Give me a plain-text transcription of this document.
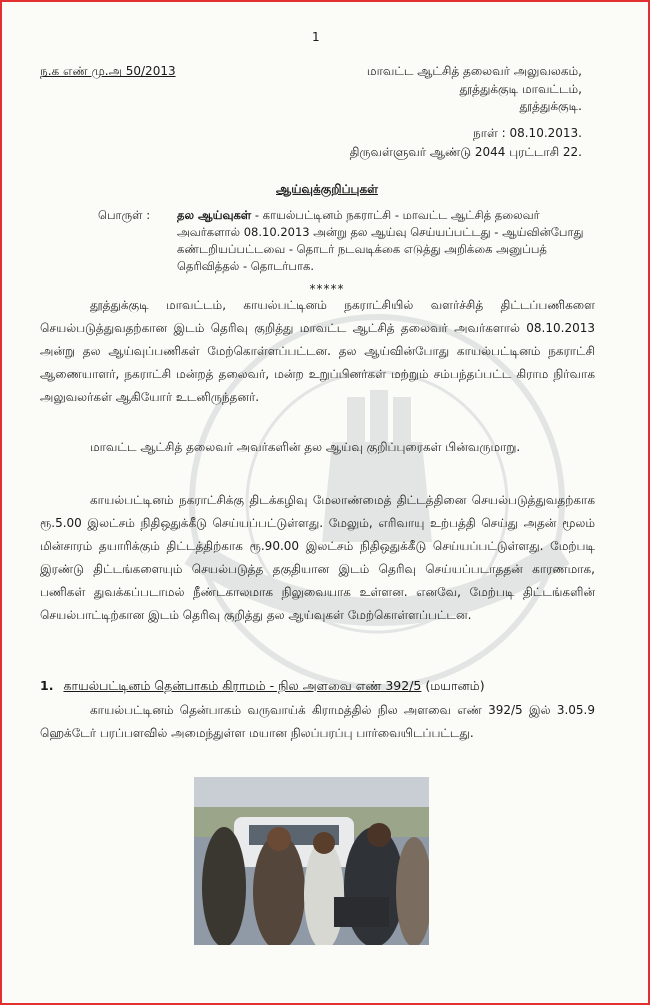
1
ந.க எண் மு.அ 50/2013	மாவட்ட ஆட்சித் தலைவர் அலுவலகம்,
தூத்துக்குடி மாவட்டம்,
தூத்துக்குடி.
நாள் : 08.10.2013.
திருவள்ளுவர் ஆண்டு 2044 புரட்டாசி 22.
ஆய்வுக்குறிப்புகள்
பொருள் : தல ஆய்வுகள் - காயல்பட்டினம் நகராட்சி - மாவட்ட ஆட்சித் தலைவர் அவர்களால் 08.10.2013 அன்று தல ஆய்வு செய்யப்பட்டது - ஆய்வின்போது கண்டறியப்பட்டவை - தொடர் நடவடிக்கை எடுத்து அறிக்கை அனுப்பத் தெரிவித்தல் - தொடர்பாக.
*****
தூத்துக்குடி மாவட்டம், காயல்பட்டினம் நகராட்சியில் வளர்ச்சித் திட்டப்பணிகளை செயல்படுத்துவதற்கான இடம் தெரிவு குறித்து மாவட்ட ஆட்சித் தலைவர் அவர்களால் 08.10.2013 அன்று தல ஆய்வுப்பணிகள் மேற்கொள்ளப்பட்டன. தல ஆய்வின்போது காயல்பட்டினம் நகராட்சி ஆணையாளர், நகராட்சி மன்றத் தலைவர், மன்ற உறுப்பினர்கள் மற்றும் சம்பந்தப்பட்ட கிராம நிர்வாக அலுவலர்கள் ஆகியோர் உடனிருந்தனர்.
மாவட்ட ஆட்சித் தலைவர் அவர்களின் தல ஆய்வு குறிப்புரைகள் பின்வருமாறு.
காயல்பட்டினம் நகராட்சிக்கு திடக்கழிவு மேலாண்மைத் திட்டத்தினை செயல்படுத்துவதற்காக ரூ.5.00 இலட்சம் நிதிஒதுக்கீடு செய்யப்பட்டுள்ளது. மேலும், எரிவாயு உற்பத்தி செய்து அதன் மூலம் மின்சாரம் தயாரிக்கும் திட்டத்திற்காக ரூ.90.00 இலட்சம் நிதிஒதுக்கீடு செய்யப்பட்டுள்ளது. மேற்படி இரண்டு திட்டங்களையும் செயல்படுத்த தகுதியான இடம் தெரிவு செய்யப்படாததன் காரணமாக, பணிகள் துவக்கப்படாமல் நீண்டகாலமாக நிலுவையாக உள்ளன. எனவே, மேற்படி திட்டங்களின் செயல்பாட்டிற்கான இடம் தெரிவு குறித்து தல ஆய்வுகள் மேற்கொள்ளப்பட்டன.
1. காயல்பட்டினம் தென்பாகம் கிராமம் - நில அளவை எண் 392/5 (மயானம்)
காயல்பட்டினம் தென்பாகம் வருவாய்க் கிராமத்தில் நில அளவை எண் 392/5 இல் 3.05.9 ஹெக்டேர் பரப்பளவில் அமைந்துள்ள மயான நிலப்பரப்பு பார்வையிடப்பட்டது.
